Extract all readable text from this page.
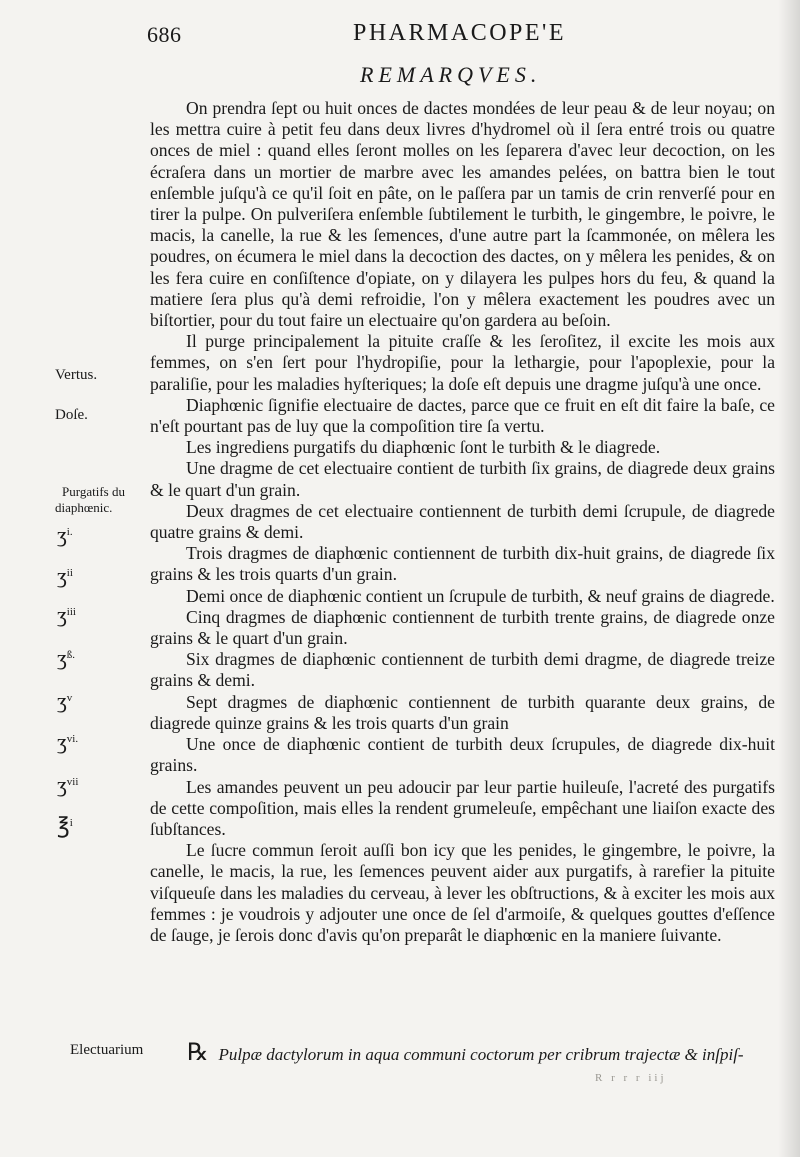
686	PHARMACOPE'E
REMARQVES.

On prendra ſept ou huit onces de dactes mondées de leur peau & de leur noyau; on les mettra cuire à petit feu dans deux livres d'hydromel où il ſera entré trois ou quatre onces de miel : quand elles ſeront molles on les ſeparera d'avec leur decoction, on les écraſera dans un mortier de marbre avec les amandes pelées, on battra bien le tout enſemble juſqu'à ce qu'il ſoit en pâte, on le paſſera par un tamis de crin renverſé pour en tirer la pulpe. On pulveriſera enſemble ſubtilement le turbith, le gingembre, le poivre, le macis, la canelle, la rue & les ſemences, d'une autre part la ſcammonée, on mêlera les poudres, on écumera le miel dans la decoction des dactes, on y mêlera les penides, & on les fera cuire en conſiſtence d'opiate, on y dilayera les pulpes hors du feu, & quand la matiere ſera plus qu'à demi refroidie, l'on y mêlera exactement les poudres avec un biſtortier, pour du tout faire un electuaire qu'on gardera au beſoin.

Il purge principalement la pituite craſſe & les ſeroſitez, il excite les mois aux femmes, on s'en ſert pour l'hydropiſie, pour la lethargie, pour l'apoplexie, pour la paraliſie, pour les maladies hyſteriques; la doſe eſt depuis une dragme juſqu'à une once.

Diaphœnic ſignifie electuaire de dactes, parce que ce fruit en eſt dit faire la baſe, ce n'eſt pourtant pas de luy que la compoſition tire ſa vertu.

Les ingrediens purgatifs du diaphœnic ſont le turbith & le diagrede.

Une dragme de cet electuaire contient de turbith ſix grains, de diagrede deux grains & le quart d'un grain.

Deux dragmes de cet electuaire contiennent de turbith demi ſcrupule, de diagrede quatre grains & demi.

Trois dragmes de diaphœnic contiennent de turbith dix-huit grains, de diagrede ſix grains & les trois quarts d'un grain.

Demi once de diaphœnic contient un ſcrupule de turbith, & neuf grains de diagrede.

Cinq dragmes de diaphœnic contiennent de turbith trente grains, de diagrede onze grains & le quart d'un grain.

Six dragmes de diaphœnic contiennent de turbith demi dragme, de diagrede treize grains & demi.

Sept dragmes de diaphœnic contiennent de turbith quarante deux grains, de diagrede quinze grains & les trois quarts d'un grain

Une once de diaphœnic contient de turbith deux ſcrupules, de diagrede dix-huit grains.

Les amandes peuvent un peu adoucir par leur partie huileuſe, l'acreté des purgatifs de cette compoſition, mais elles la rendent grumeleuſe, empêchant une liaiſon exacte des ſubſtances.

Le ſucre commun ſeroit auſſi bon icy que les penides, le gingembre, le poivre, la canelle, le macis, la rue, les ſemences peuvent aider aux purgatifs, à rarefier la pituite viſqueuſe dans les maladies du cerveau, à lever les obſtructions, & à exciter les mois aux femmes : je voudrois y adjouter une once de ſel d'armoiſe, & quelques gouttes d'eſſence de ſauge, je ſerois donc d'avis qu'on preparât le diaphœnic en la maniere ſuivante.

Vertus.
Doſe.
Purgatifs du
diaphœnic.
ʒ$^{i.}$
ʒ$^{ii}$
ʒ$^{iii}$
ʒ$^{ß.}$
ʒ$^v$
ʒ$^{vi.}$
ʒ$^{vii}$
℥$^i$
Electuarium ℞ Pulpæ dactylorum in aqua communi coctorum per cribrum trajectæ & inſpiſ-
R r r r iij
